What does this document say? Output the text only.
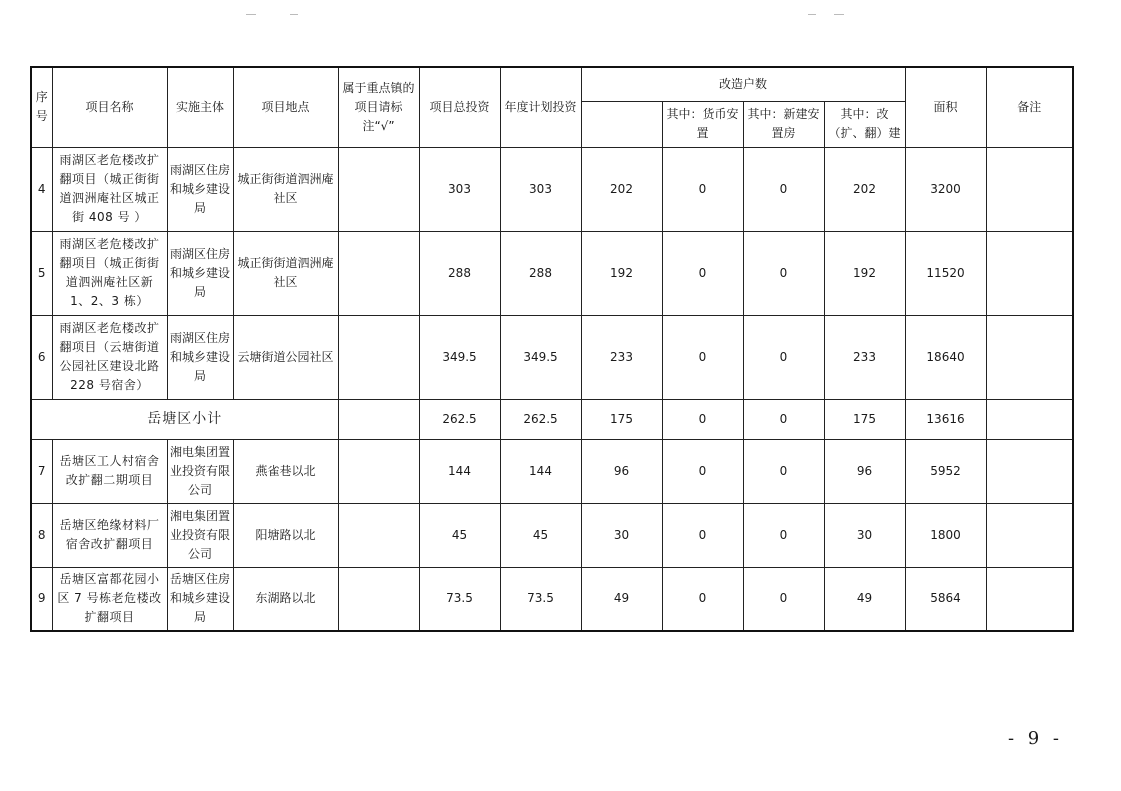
序号	项目名称	实施主体	项目地点	属于重点镇的项目请标注“√”	项目总投资	年度计划投资	改造户数				面积	备注
								其中：货币安置	其中：新建安置房	其中：改（扩、翻）建		
4	雨湖区老危楼改扩翻项目（城正街街道泗洲庵社区城正街 408 号 ）	雨湖区住房和城乡建设局	城正街街道泗洲庵社区		303	303	202	0	0	202	3200	
5	雨湖区老危楼改扩翻项目（城正街街道泗洲庵社区新 1、2、3 栋）	雨湖区住房和城乡建设局	城正街街道泗洲庵社区		288	288	192	0	0	192	11520	
6	雨湖区老危楼改扩翻项目（云塘街道公园社区建设北路 228 号宿舍）	雨湖区住房和城乡建设局	云塘街道公园社区		349.5	349.5	233	0	0	233	18640	
岳塘区小计					262.5	262.5	175	0	0	175	13616	
7	岳塘区工人村宿舍改扩翻二期项目	湘电集团置业投资有限公司	燕雀巷以北		144	144	96	0	0	96	5952	
8	岳塘区绝缘材料厂宿舍改扩翻项目	湘电集团置业投资有限公司	阳塘路以北		45	45	30	0	0	30	1800	
9	岳塘区富都花园小区 7 号栋老危楼改扩翻项目	岳塘区住房和城乡建设局	东湖路以北		73.5	73.5	49	0	0	49	5864	
- 9 -
